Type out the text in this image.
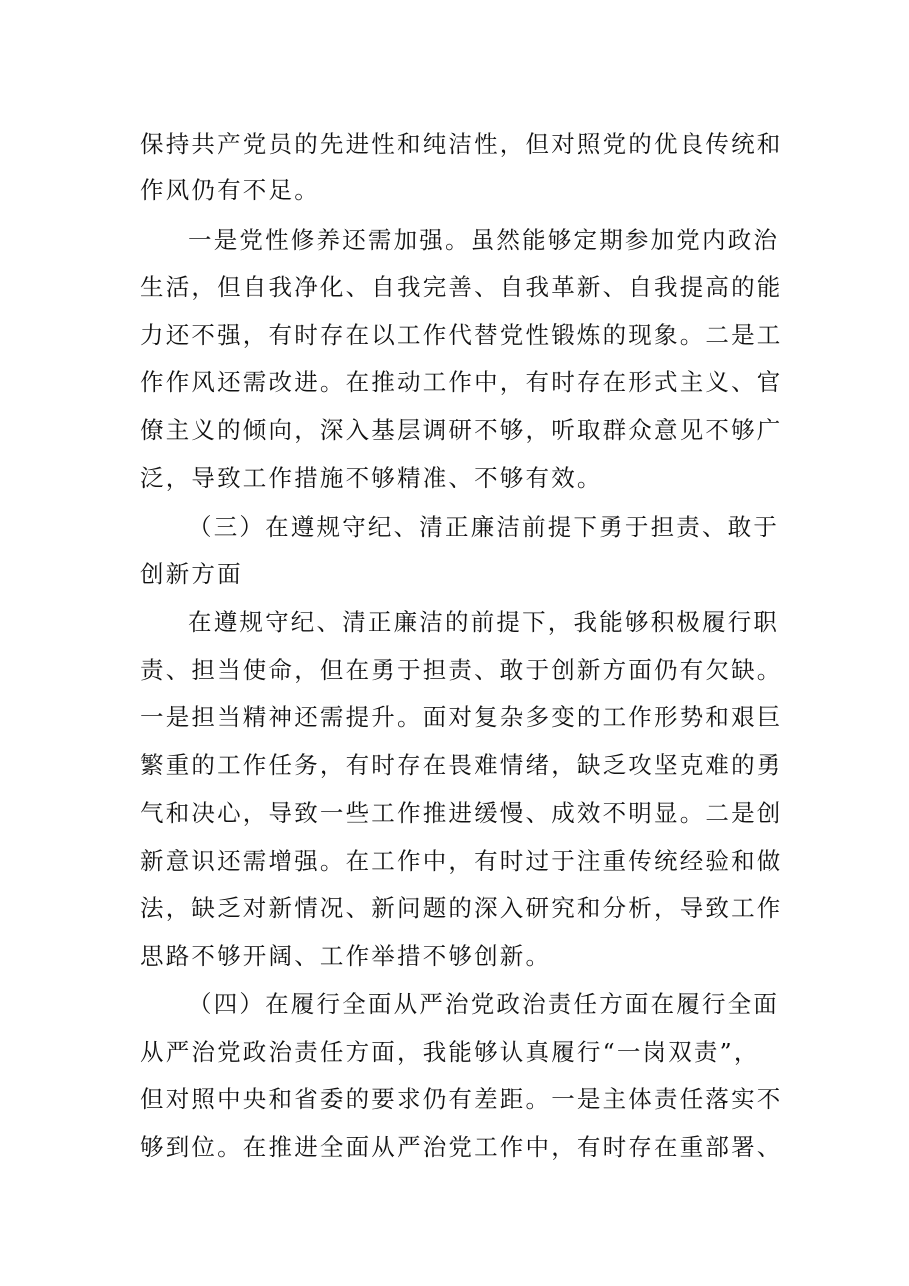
保持共产党员的先进性和纯洁性，但对照党的优良传统和
作风仍有不足。
一是党性修养还需加强。虽然能够定期参加党内政治
生活，但自我净化、自我完善、自我革新、自我提高的能
力还不强，有时存在以工作代替党性锻炼的现象。二是工
作作风还需改进。在推动工作中，有时存在形式主义、官
僚主义的倾向，深入基层调研不够，听取群众意见不够广
泛，导致工作措施不够精准、不够有效。
（三）在遵规守纪、清正廉洁前提下勇于担责、敢于
创新方面
在遵规守纪、清正廉洁的前提下，我能够积极履行职
责、担当使命，但在勇于担责、敢于创新方面仍有欠缺。
一是担当精神还需提升。面对复杂多变的工作形势和艰巨
繁重的工作任务，有时存在畏难情绪，缺乏攻坚克难的勇
气和决心，导致一些工作推进缓慢、成效不明显。二是创
新意识还需增强。在工作中，有时过于注重传统经验和做
法，缺乏对新情况、新问题的深入研究和分析，导致工作
思路不够开阔、工作举措不够创新。
（四）在履行全面从严治党政治责任方面在履行全面
从严治党政治责任方面，我能够认真履行“一岗双责”，
但对照中央和省委的要求仍有差距。一是主体责任落实不
够到位。在推进全面从严治党工作中，有时存在重部署、
